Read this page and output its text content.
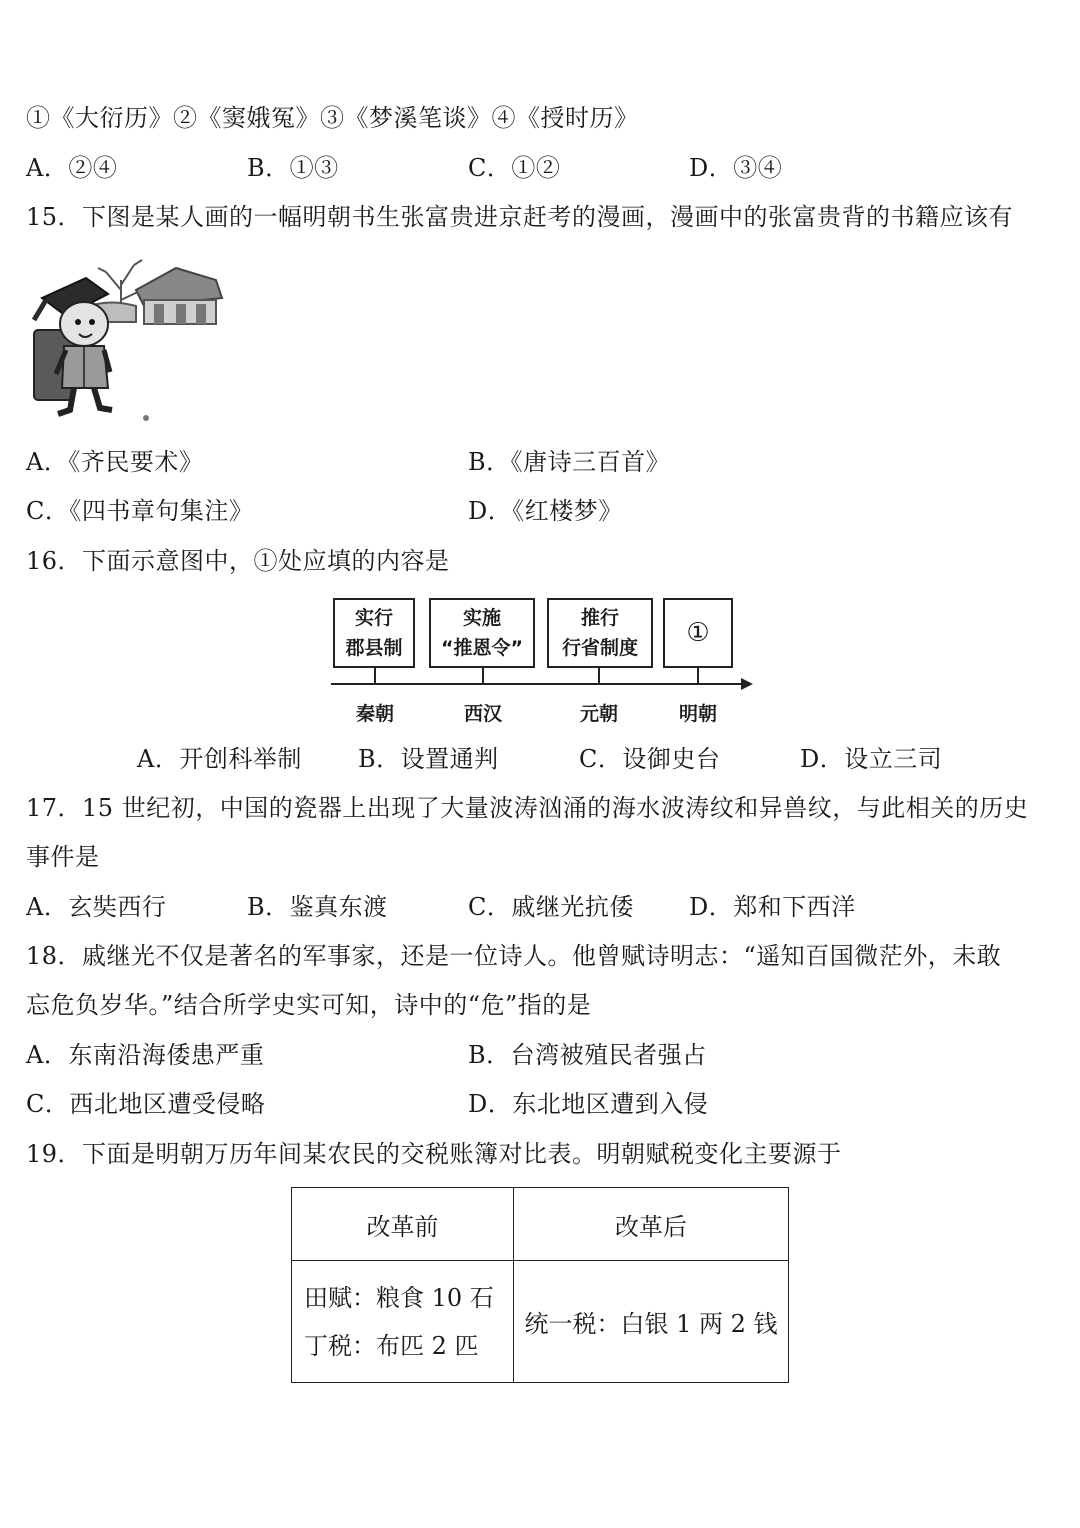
①《大衍历》②《窦娥冤》③《梦溪笔谈》④《授时历》
A．②④	B．①③	C．①②	D．③④
15．下图是某人画的一幅明朝书生张富贵进京赶考的漫画，漫画中的张富贵背的书籍应该有
A．《齐民要术》	B．《唐诗三百首》
C．《四书章句集注》	D．《红楼梦》
16．下面示意图中，①处应填的内容是
实行
郡县制
实施
“推恩令”
推行
行省制度 ①
秦朝	西汉	元朝	明朝
A．开创科举制 B．设置通判	C．设御史台	D．设立三司
17．15 世纪初，中国的瓷器上出现了大量波涛汹涌的海水波涛纹和异兽纹，与此相关的历史
事件是
A．玄奘西行	B．鉴真东渡	C．戚继光抗倭 D．郑和下西洋
18．戚继光不仅是著名的军事家，还是一位诗人。他曾赋诗明志：“遥知百国微茫外，未敢
忘危负岁华。”结合所学史实可知，诗中的“危”指的是
A．东南沿海倭患严重	B．台湾被殖民者强占
C．西北地区遭受侵略	D．东北地区遭到入侵
19．下面是明朝万历年间某农民的交税账簿对比表。明朝赋税变化主要源于
改革前	改革后

田赋：粮食 10 石
丁税：布匹 2 匹	统一税：白银 1 两 2 钱
